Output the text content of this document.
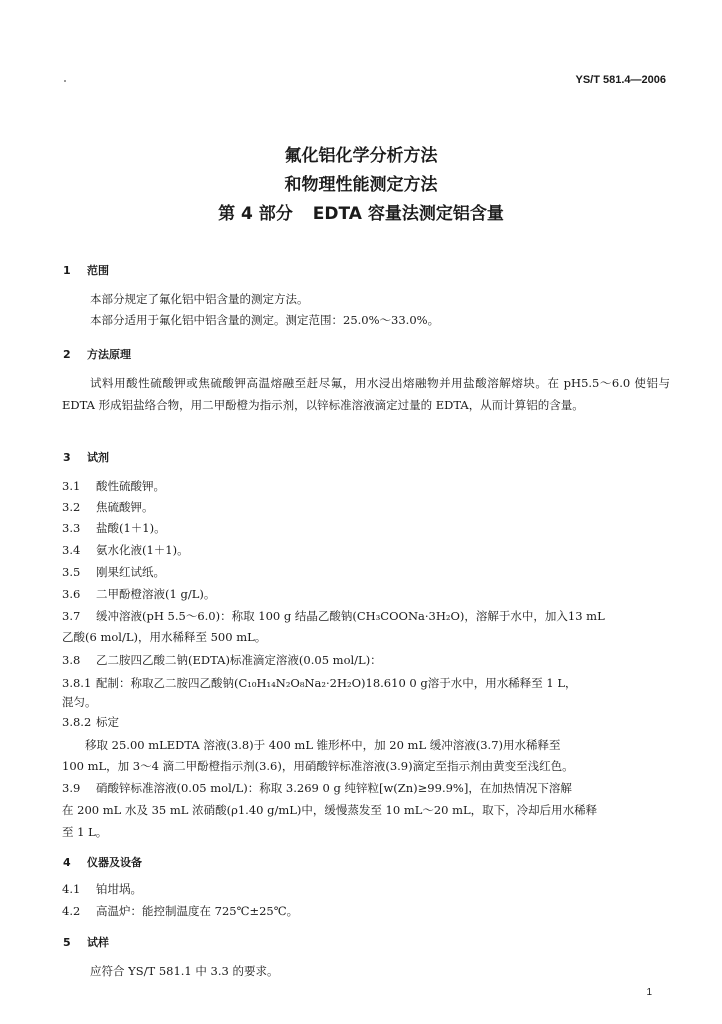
YS/T 581.4—2006
氟化铝化学分析方法
和物理性能测定方法
第 4 部分 EDTA 容量法测定铝含量
1 范围
本部分规定了氟化铝中铝含量的测定方法。
本部分适用于氟化铝中铝含量的测定。测定范围：25.0%～33.0%。
2 方法原理
试料用酸性硫酸钾或焦硫酸钾高温熔融至赶尽氟，用水浸出熔融物并用盐酸溶解熔块。在 pH5.5～6.0 使铝与 EDTA 形成铝盐络合物，用二甲酚橙为指示剂，以锌标准溶液滴定过量的 EDTA，从而计算铝的含量。
3 试剂
3.1 酸性硫酸钾。
3.2 焦硫酸钾。
3.3 盐酸(1＋1)。
3.4 氨水化液(1＋1)。
3.5 刚果红试纸。
3.6 二甲酚橙溶液(1 g/L)。
3.7 缓冲溶液(pH 5.5～6.0)：称取 100 g 结晶乙酸钠(CH₃COONa·3H₂O)，溶解于水中，加入13 mL
乙酸(6 mol/L)，用水稀释至 500 mL。
3.8 乙二胺四乙酸二钠(EDTA)标准滴定溶液(0.05 mol/L)：
3.8.1 配制：称取乙二胺四乙酸钠(C₁₀H₁₄N₂O₈Na₂·2H₂O)18.610 0 g溶于水中，用水稀释至 1 L，
混匀。
3.8.2 标定
　　移取 25.00 mLEDTA 溶液(3.8)于 400 mL 锥形杯中，加 20 mL 缓冲溶液(3.7)用水稀释至
100 mL，加 3～4 滴二甲酚橙指示剂(3.6)，用硝酸锌标准溶液(3.9)滴定至指示剂由黄变至浅红色。
3.9 硝酸锌标准溶液(0.05 mol/L)：称取 3.269 0 g 纯锌粒[w(Zn)≥99.9%]，在加热情况下溶解
在 200 mL 水及 35 mL 浓硝酸(ρ1.40 g/mL)中，缓慢蒸发至 10 mL～20 mL，取下，冷却后用水稀释
至 1 L。
4 仪器及设备
4.1 铂坩埚。
4.2 高温炉：能控制温度在 725℃±25℃。
5 试样
应符合 YS/T 581.1 中 3.3 的要求。
1
